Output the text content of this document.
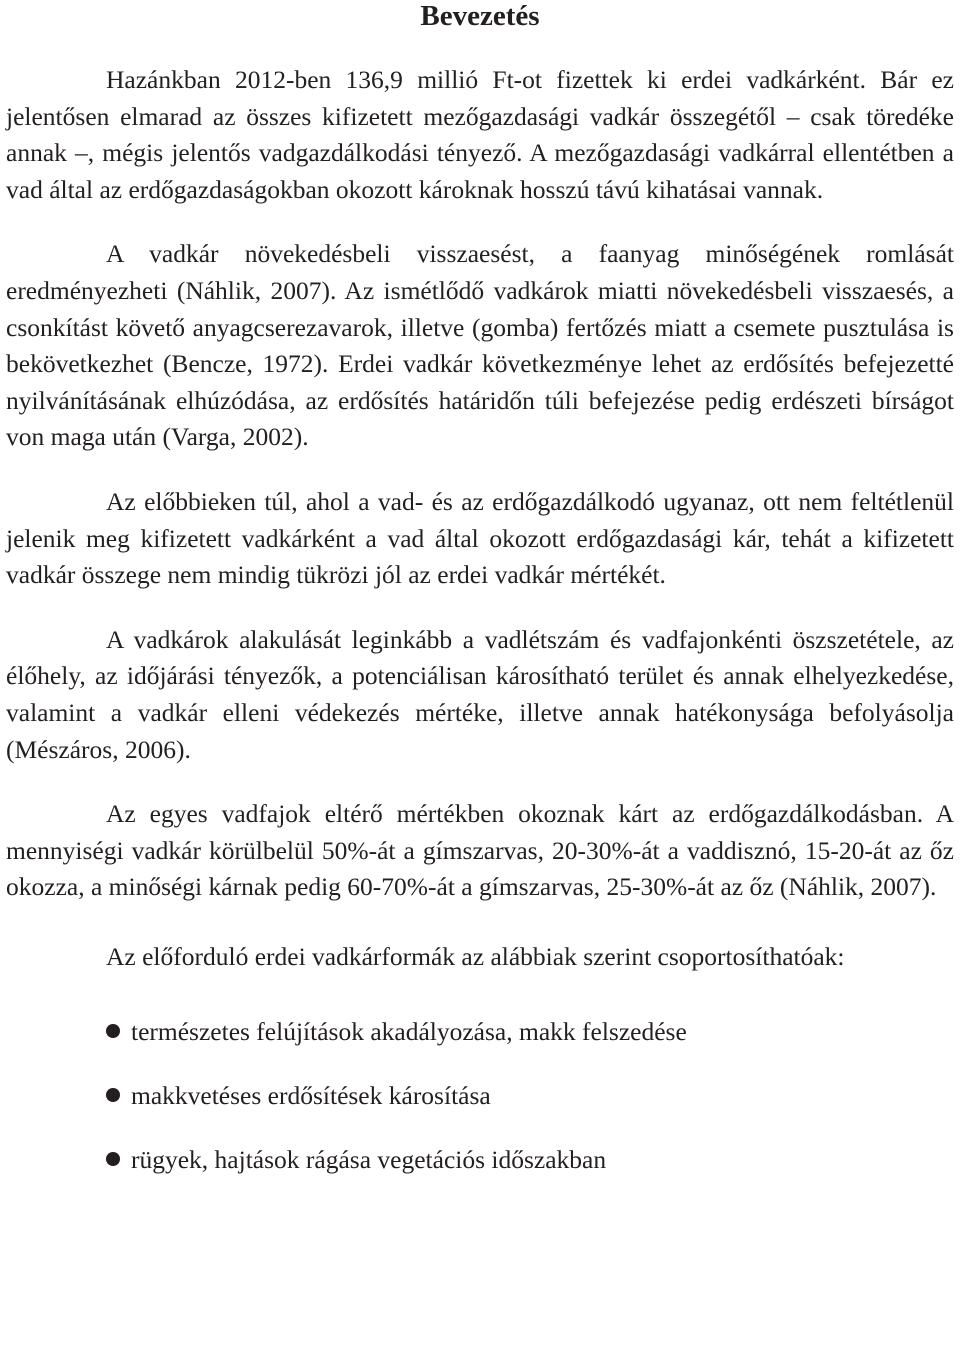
Bevezetés

Hazánkban 2012-ben 136,9 millió Ft-ot fizettek ki erdei vadkárként. Bár ez jelentősen elmarad az összes kifizetett mezőgazdasági vadkár összegétől – csak töredéke annak –, mégis jelentős vadgazdálkodási tényező. A mezőgazdasági vadkárral ellentétben a vad által az erdőgazdaságokban okozott károknak hosszú távú kihatásai vannak.

A vadkár növekedésbeli visszaesést, a faanyag minőségének romlását eredményezheti (Náhlik, 2007). Az ismétlődő vadkárok miatti növekedésbeli visszaesés, a csonkítást követő anyagcserezavarok, illetve (gomba) fertőzés miatt a csemete pusztulása is bekövetkezhet (Bencze, 1972). Erdei vadkár következménye lehet az erdősítés befejezetté nyilvánításának elhúzódása, az erdősítés határidőn túli befejezése pedig erdészeti bírságot von maga után (Varga, 2002).

Az előbbieken túl, ahol a vad- és az erdőgazdálkodó ugyanaz, ott nem feltétlenül jelenik meg kifizetett vadkárként a vad által okozott erdőgazdasági kár, tehát a kifizetett vadkár összege nem mindig tükrözi jól az erdei vadkár mértékét.

A vadkárok alakulását leginkább a vadlétszám és vadfajonkénti öszszetétele, az élőhely, az időjárási tényezők, a potenciálisan károsítható terület és annak elhelyezkedése, valamint a vadkár elleni védekezés mértéke, illetve annak hatékonysága befolyásolja (Mészáros, 2006).

Az egyes vadfajok eltérő mértékben okoznak kárt az erdőgazdálkodásban. A mennyiségi vadkár körülbelül 50%-át a gímszarvas, 20-30%-át a vaddisznó, 15-20-át az őz okozza, a minőségi kárnak pedig 60-70%-át a gímszarvas, 25-30%-át az őz (Náhlik, 2007).

Az előforduló erdei vadkárformák az alábbiak szerint csoportosíthatóak:

természetes felújítások akadályozása, makk felszedése
makkvetéses erdősítések károsítása
rügyek, hajtások rágása vegetációs időszakban
